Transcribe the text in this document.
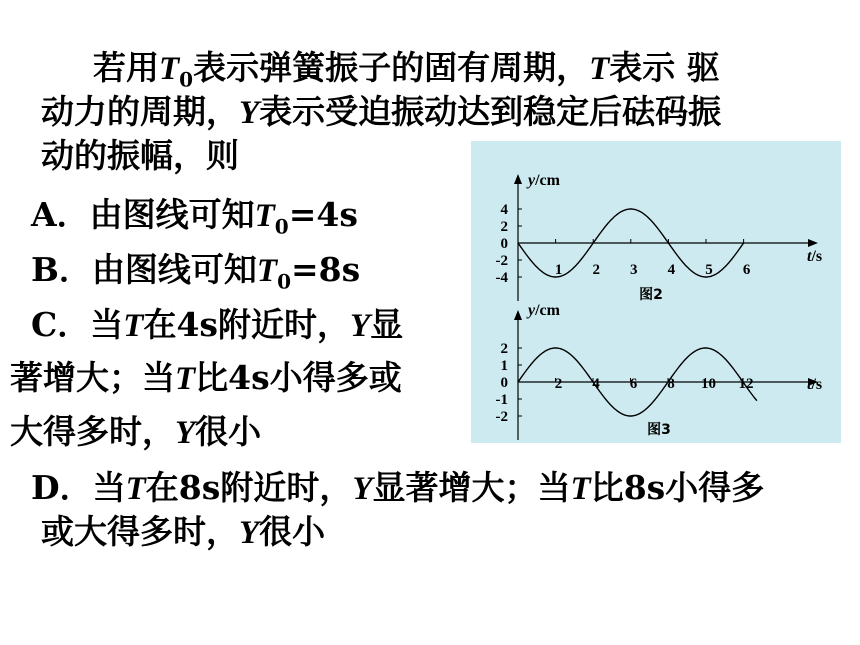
若用$T_0$表示弹簧振子的固有周期，T表示 驱
动力的周期，Y表示受迫振动达到稳定后砝码振
动的振幅，则
A．由图线可知$T_0=4s$
B．由图线可知$T_0=8s$
C．当T在4s附近时，Y显
著增大；当T比4s小得多或
大得多时，Y很小
D．当T在8s附近时，Y显著增大；当T比8s小得多
或大得多时，Y很小
y/cm
t/s
4
2
0
-2
-4	1 2 3 4 5 6
图2
y/cm
t/s
2
1
0
-1
-2
2 4 6 8 10 12
图3
